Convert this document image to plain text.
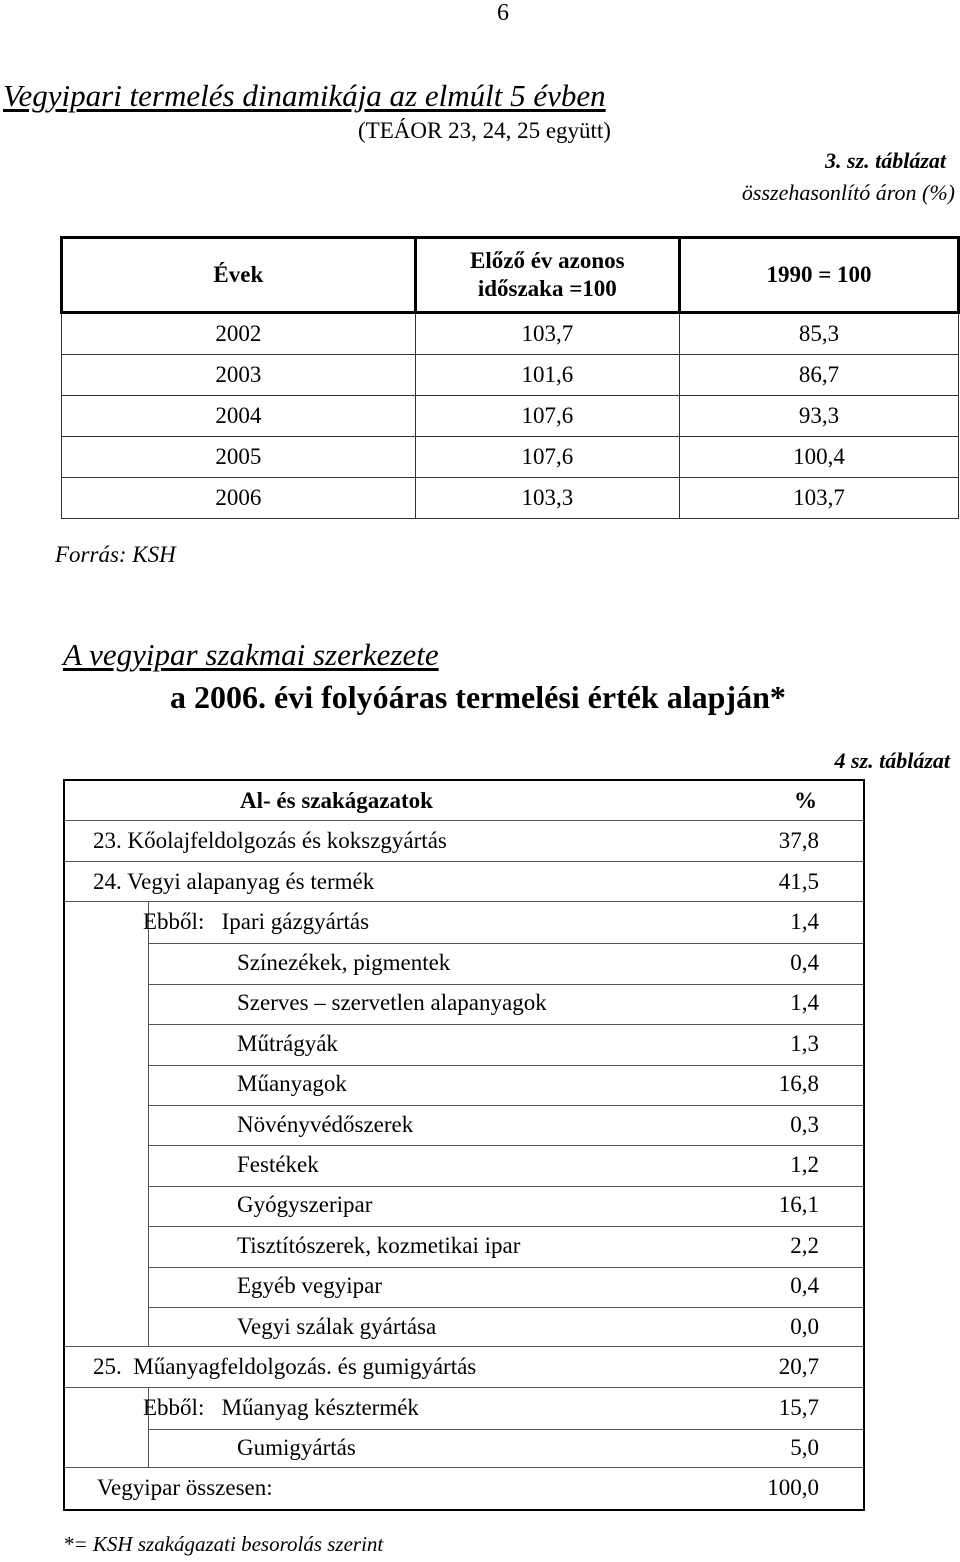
6
Vegyipari termelés dinamikája az elmúlt 5 évben
(TEÁOR 23, 24, 25 együtt)
3. sz. táblázat
összehasonlító áron (%)
Évek	Előző év azonos időszaka =100	1990 = 100
2002	103,7	85,3
2003	101,6	86,7
2004	107,6	93,3
2005	107,6	100,4
2006	103,3	103,7
Forrás: KSH
A vegyipar szakmai szerkezete
a 2006. évi folyóáras termelési érték alapján*
4 sz. táblázat
Al- és szakágazatok	%
23. Kőolajfeldolgozás és kokszgyártás	37,8
24. Vegyi alapanyag és termék	41,5
Ebből:   Ipari gázgyártás	1,4
Színezékek, pigmentek	0,4
Szerves – szervetlen alapanyagok	1,4
Műtrágyák	1,3
Műanyagok	16,8
Növényvédőszerek	0,3
Festékek	1,2
Gyógyszeripar	16,1
Tisztítószerek, kozmetikai ipar	2,2
Egyéb vegyipar	0,4
Vegyi szálak gyártása	0,0
25.  Műanyagfeldolgozás. és gumigyártás	20,7
Ebből:   Műanyag késztermék	15,7
Gumigyártás	5,0
Vegyipar összesen:	100,0
*= KSH szakágazati besorolás szerint
